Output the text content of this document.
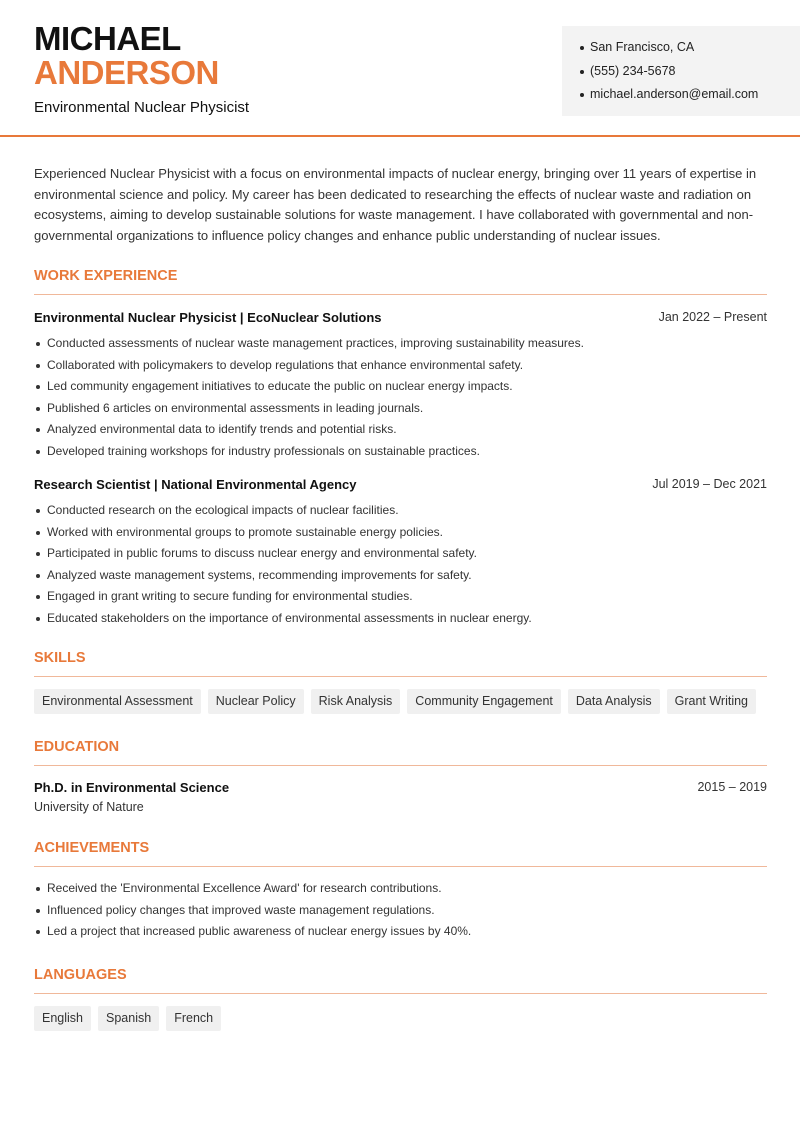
MICHAEL
ANDERSON
Environmental Nuclear Physicist
San Francisco, CA
(555) 234-5678
michael.anderson@email.com

Experienced Nuclear Physicist with a focus on environmental impacts of nuclear energy, bringing over 11 years of expertise in environmental science and policy. My career has been dedicated to researching the effects of nuclear waste and radiation on ecosystems, aiming to develop sustainable solutions for waste management. I have collaborated with governmental and non-governmental organizations to influence policy changes and enhance public understanding of nuclear issues.

WORK EXPERIENCE
Environmental Nuclear Physicist | EcoNuclear Solutions	Jan 2022 – Present
Conducted assessments of nuclear waste management practices, improving sustainability measures.
Collaborated with policymakers to develop regulations that enhance environmental safety.
Led community engagement initiatives to educate the public on nuclear energy impacts.
Published 6 articles on environmental assessments in leading journals.
Analyzed environmental data to identify trends and potential risks.
Developed training workshops for industry professionals on sustainable practices.
Research Scientist | National Environmental Agency	Jul 2019 – Dec 2021
Conducted research on the ecological impacts of nuclear facilities.
Worked with environmental groups to promote sustainable energy policies.
Participated in public forums to discuss nuclear energy and environmental safety.
Analyzed waste management systems, recommending improvements for safety.
Engaged in grant writing to secure funding for environmental studies.
Educated stakeholders on the importance of environmental assessments in nuclear energy.
SKILLS
Environmental Assessment	Nuclear Policy	Risk Analysis	Community Engagement	Data Analysis	Grant Writing
EDUCATION
Ph.D. in Environmental Science	2015 – 2019
University of Nature
ACHIEVEMENTS
Received the 'Environmental Excellence Award' for research contributions.
Influenced policy changes that improved waste management regulations.
Led a project that increased public awareness of nuclear energy issues by 40%.
LANGUAGES
English	Spanish	French
